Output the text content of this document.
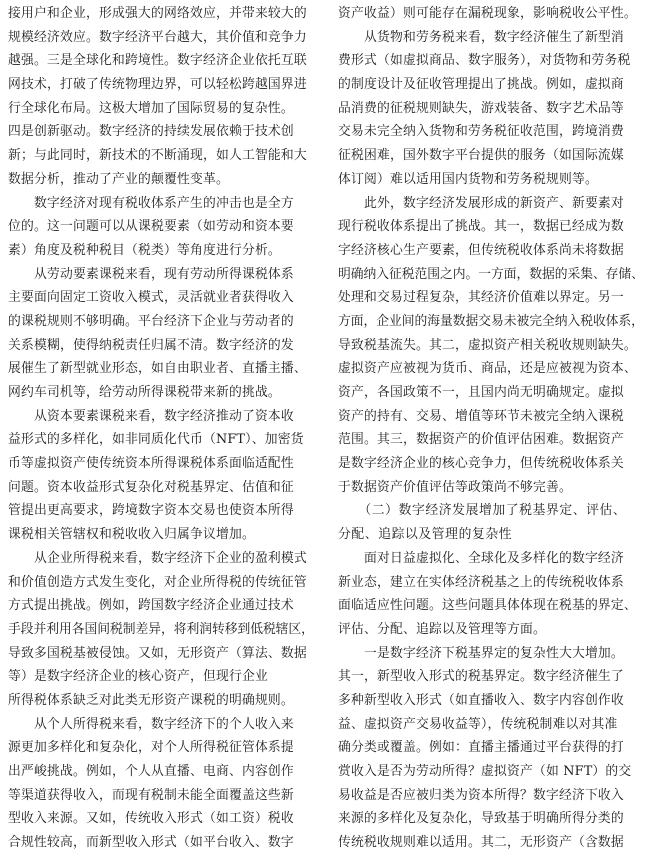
接用户和企业，形成强大的网络效应，并带来较大的
规模经济效应。数字经济平台越大，其价值和竞争力
越强。三是全球化和跨境性。数字经济企业依托互联
网技术，打破了传统物理边界，可以轻松跨越国界进
行全球化布局。这极大增加了国际贸易的复杂性。
四是创新驱动。数字经济的持续发展依赖于技术创
新；与此同时，新技术的不断涌现，如人工智能和大
数据分析，推动了产业的颠覆性变革。
　　数字经济对现有税收体系产生的冲击也是全方
位的。这一问题可以从课税要素（如劳动和资本要
素）角度及税种税目（税类）等角度进行分析。
　　从劳动要素课税来看，现有劳动所得课税体系
主要面向固定工资收入模式，灵活就业者获得收入
的课税规则不够明确。平台经济下企业与劳动者的
关系模糊，使得纳税责任归属不清。数字经济的发
展催生了新型就业形态，如自由职业者、直播主播、
网约车司机等，给劳动所得课税带来新的挑战。
　　从资本要素课税来看，数字经济推动了资本收
益形式的多样化，如非同质化代币（NFT）、加密货
币等虚拟资产使传统资本所得课税体系面临适配性
问题。资本收益形式复杂化对税基界定、估值和征
管提出更高要求，跨境数字资本交易也使资本所得
课税相关管辖权和税收收入归属争议增加。
　　从企业所得税来看，数字经济下企业的盈利模式
和价值创造方式发生变化，对企业所得税的传统征管
方式提出挑战。例如，跨国数字经济企业通过技术
手段并利用各国间税制差异，将利润转移到低税辖区，
导致多国税基被侵蚀。又如，无形资产（算法、数据
等）是数字经济企业的核心资产，但现行企业
所得税体系缺乏对此类无形资产课税的明确规则。
　　从个人所得税来看，数字经济下的个人收入来
源更加多样化和复杂化，对个人所得税征管体系提
出严峻挑战。例如，个人从直播、电商、内容创作
等渠道获得收入，而现有税制未能全面覆盖这些新
型收入来源。又如，传统收入形式（如工资）税收
合规性较高，而新型收入形式（如平台收入、数字
资产收益）则可能存在漏税现象，影响税收公平性。
　　从货物和劳务税来看，数字经济催生了新型消
费形式（如虚拟商品、数字服务），对货物和劳务税
的制度设计及征收管理提出了挑战。例如，虚拟商
品消费的征税规则缺失，游戏装备、数字艺术品等
交易未完全纳入货物和劳务税征收范围，跨境消费
征税困难，国外数字平台提供的服务（如国际流媒
体订阅）难以适用国内货物和劳务税规则等。
　　此外，数字经济发展形成的新资产、新要素对
现行税收体系提出了挑战。其一，数据已经成为数
字经济核心生产要素，但传统税收体系尚未将数据
明确纳入征税范围之内。一方面，数据的采集、存储、
处理和交易过程复杂，其经济价值难以界定。另一
方面，企业间的海量数据交易未被完全纳入税收体系，
导致税基流失。其二，虚拟资产相关税收规则缺失。
虚拟资产应被视为货币、商品，还是应被视为资本、
资产，各国政策不一，且国内尚无明确规定。虚拟
资产的持有、交易、增值等环节未被完全纳入课税
范围。其三，数据资产的价值评估困难。数据资产
是数字经济企业的核心竞争力，但传统税收体系关
于数据资产价值评估等政策尚不够完善。
　　（二）数字经济发展增加了税基界定、评估、
分配、追踪以及管理的复杂性
　　面对日益虚拟化、全球化及多样化的数字经济
新业态，建立在实体经济税基之上的传统税收体系
面临适应性问题。这些问题具体体现在税基的界定、
评估、分配、追踪以及管理等方面。
　　一是数字经济下税基界定的复杂性大大增加。
其一，新型收入形式的税基界定。数字经济催生了
多种新型收入形式（如直播收入、数字内容创作收
益、虚拟资产交易收益等），传统税制难以对其准
确分类或覆盖。例如：直播主播通过平台获得的打
赏收入是否为劳动所得？虚拟资产（如 NFT）的交
易收益是否应被归类为资本所得？数字经济下收入
来源的多样化及复杂化，导致基于明确所得分类的
传统税收规则难以适用。其二，无形资产（含数据
